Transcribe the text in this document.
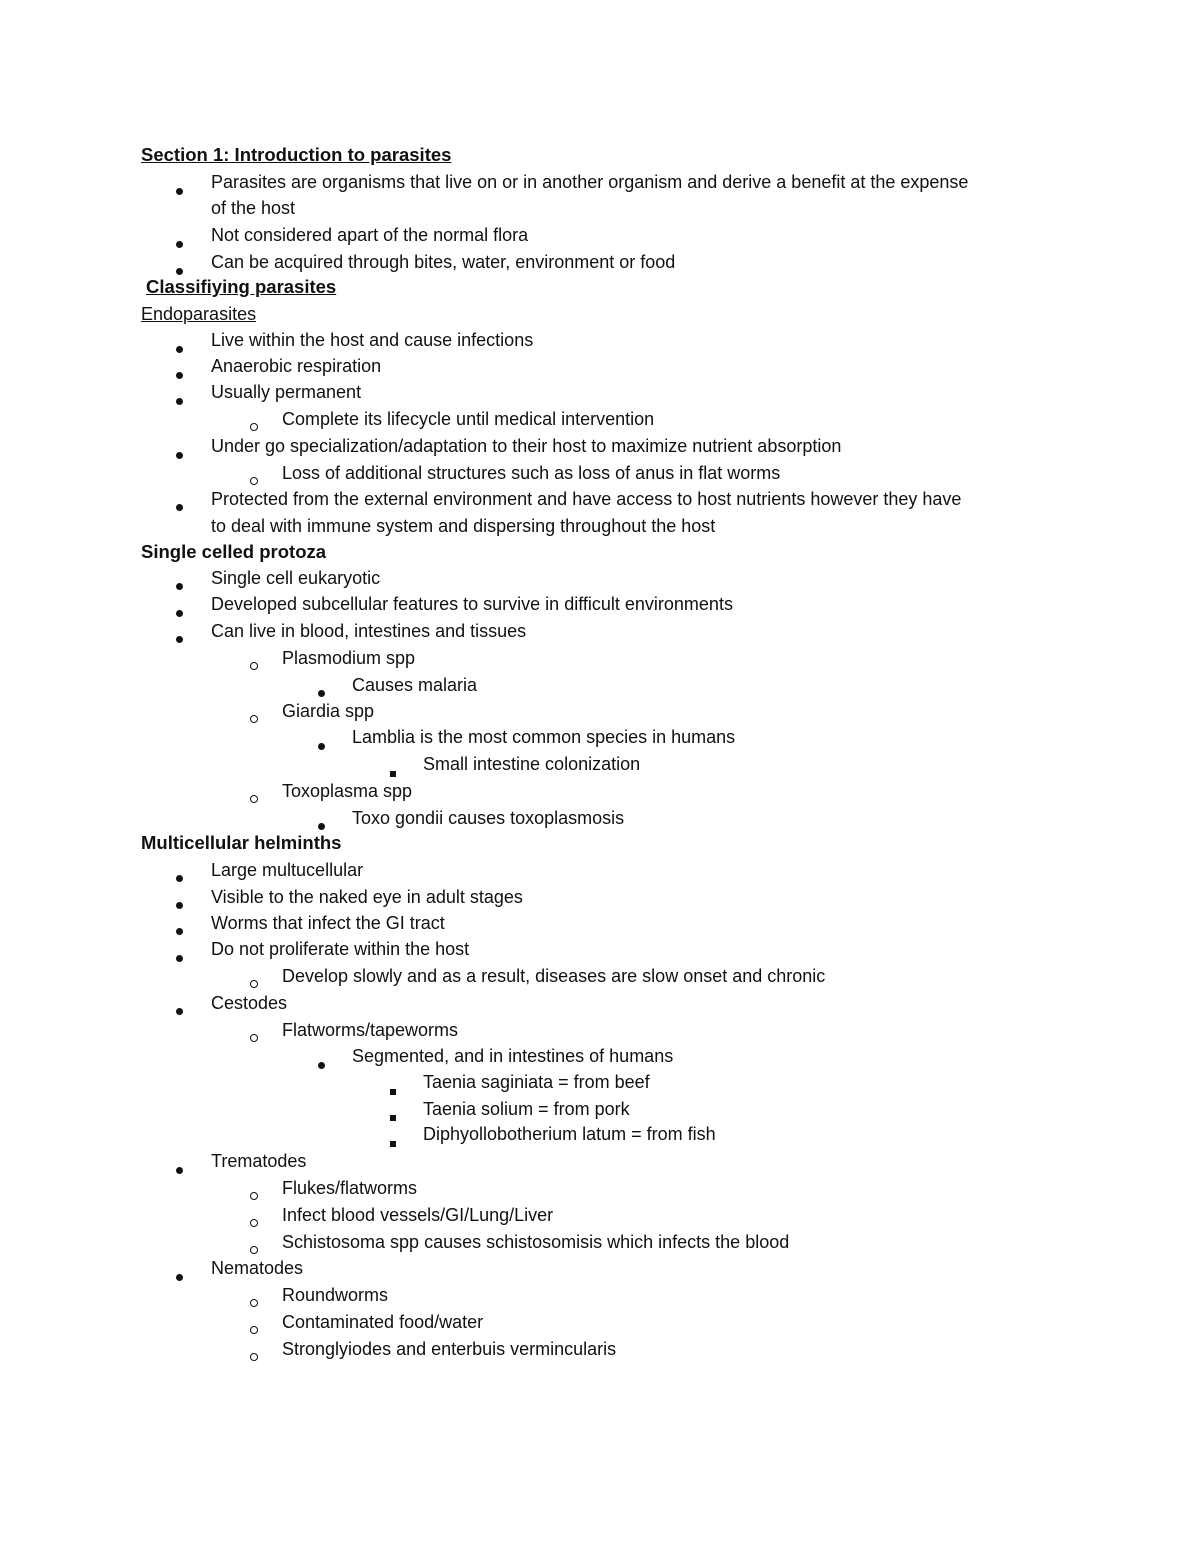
Section 1: Introduction to parasites
Parasites are organisms that live on or in another organism and derive a benefit at the expense
of the host
Not considered apart of the normal flora
Can be acquired through bites, water, environment or food
Classifiying parasites
Endoparasites
Live within the host and cause infections
Anaerobic respiration
Usually permanent
Complete its lifecycle until medical intervention
Under go specialization/adaptation to their host to maximize nutrient absorption
Loss of additional structures such as loss of anus in flat worms
Protected from the external environment and have access to host nutrients however they have
to deal with immune system and dispersing throughout the host
Single celled protoza
Single cell eukaryotic
Developed subcellular features to survive in difficult environments
Can live in blood, intestines and tissues
Plasmodium spp
Causes malaria
Giardia spp
Lamblia is the most common species in humans
Small intestine colonization
Toxoplasma spp
Toxo gondii causes toxoplasmosis
Multicellular helminths
Large multucellular
Visible to the naked eye in adult stages
Worms that infect the GI tract
Do not proliferate within the host
Develop slowly and as a result, diseases are slow onset and chronic
Cestodes
Flatworms/tapeworms
Segmented, and in intestines of humans
Taenia saginiata = from beef
Taenia solium = from pork
Diphyollobotherium latum = from fish
Trematodes
Flukes/flatworms
Infect blood vessels/GI/Lung/Liver
Schistosoma spp causes schistosomisis which infects the blood
Nematodes
Roundworms
Contaminated food/water
Stronglyiodes and enterbuis vermincularis
